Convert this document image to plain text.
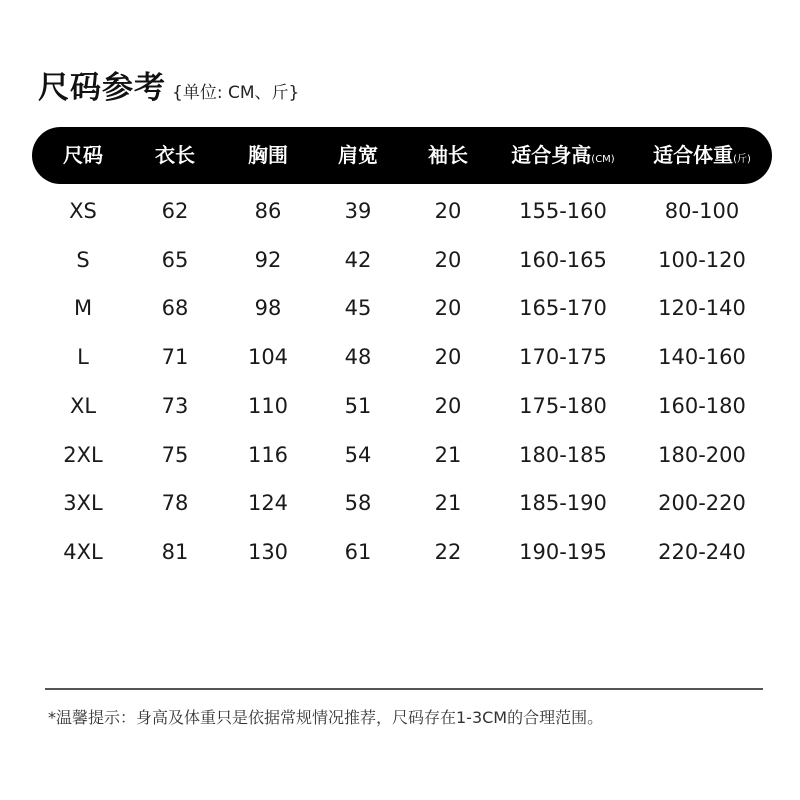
尺码参考 {单位: CM、斤}
尺码	衣长	胸围	肩宽	袖长 适合身高(CM) 适合体重(斤)
XS	62	86	39	20	155-160	80-100
S	65	92	42	20	160-165 100-120
M	68	98	45	20	165-170 120-140
L	71	104	48	20	170-175 140-160
XL	73	110	51	20	175-180 160-180
2XL	75	116	54	21	180-185 180-200
3XL	78	124	58	21	185-190 200-220
4XL	81	130	61	22	190-195 220-240
*温馨提示：身高及体重只是依据常规情况推荐，尺码存在1-3CM的合理范围。
